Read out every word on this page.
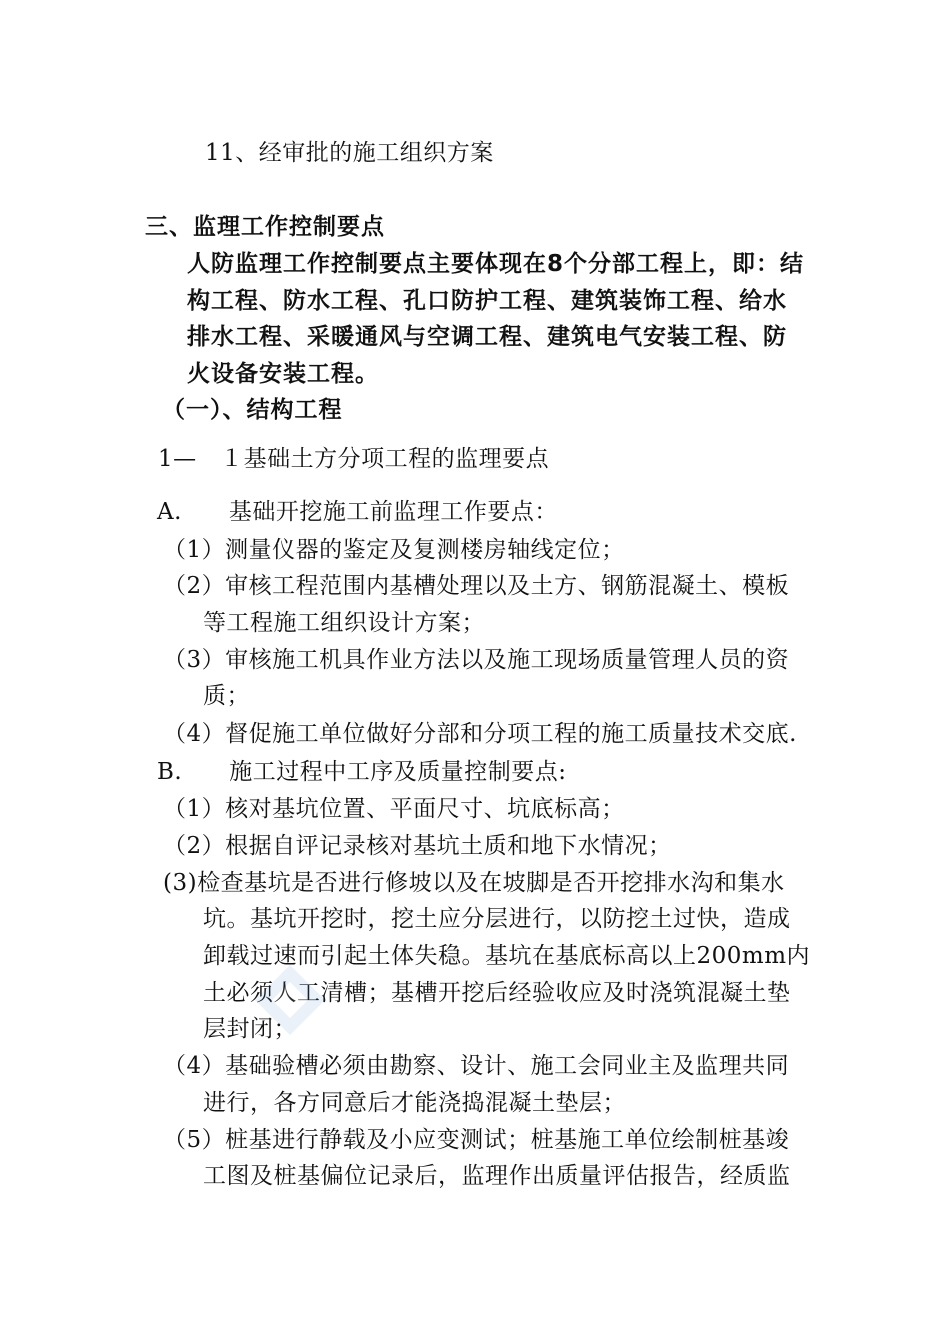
11、经审批的施工组织方案
三、监理工作控制要点
人防监理工作控制要点主要体现在8个分部工程上，即：结
构工程、防水工程、孔口防护工程、建筑装饰工程、给水
排水工程、采暖通风与空调工程、建筑电气安装工程、防
火设备安装工程。
（一）、结构工程
1—　１基础土方分项工程的监理要点
A.　　基础开挖施工前监理工作要点：
（1）测量仪器的鉴定及复测楼房轴线定位；
（2）审核工程范围内基槽处理以及土方、钢筋混凝土、模板
等工程施工组织设计方案；
（3）审核施工机具作业方法以及施工现场质量管理人员的资
质；
（4）督促施工单位做好分部和分项工程的施工质量技术交底.
B.　　施工过程中工序及质量控制要点:
（1）核对基坑位置、平面尺寸、坑底标高；
（2）根据自评记录核对基坑土质和地下水情况；
(3)检查基坑是否进行修坡以及在坡脚是否开挖排水沟和集水
坑。基坑开挖时，挖土应分层进行，以防挖土过快，造成
卸载过速而引起土体失稳。基坑在基底标高以上200mm内
土必须人工清槽；基槽开挖后经验收应及时浇筑混凝土垫
层封闭；
（4）基础验槽必须由勘察、设计、施工会同业主及监理共同
进行，各方同意后才能浇捣混凝土垫层；
（5）桩基进行静载及小应变测试；桩基施工单位绘制桩基竣
工图及桩基偏位记录后，监理作出质量评估报告，经质监
